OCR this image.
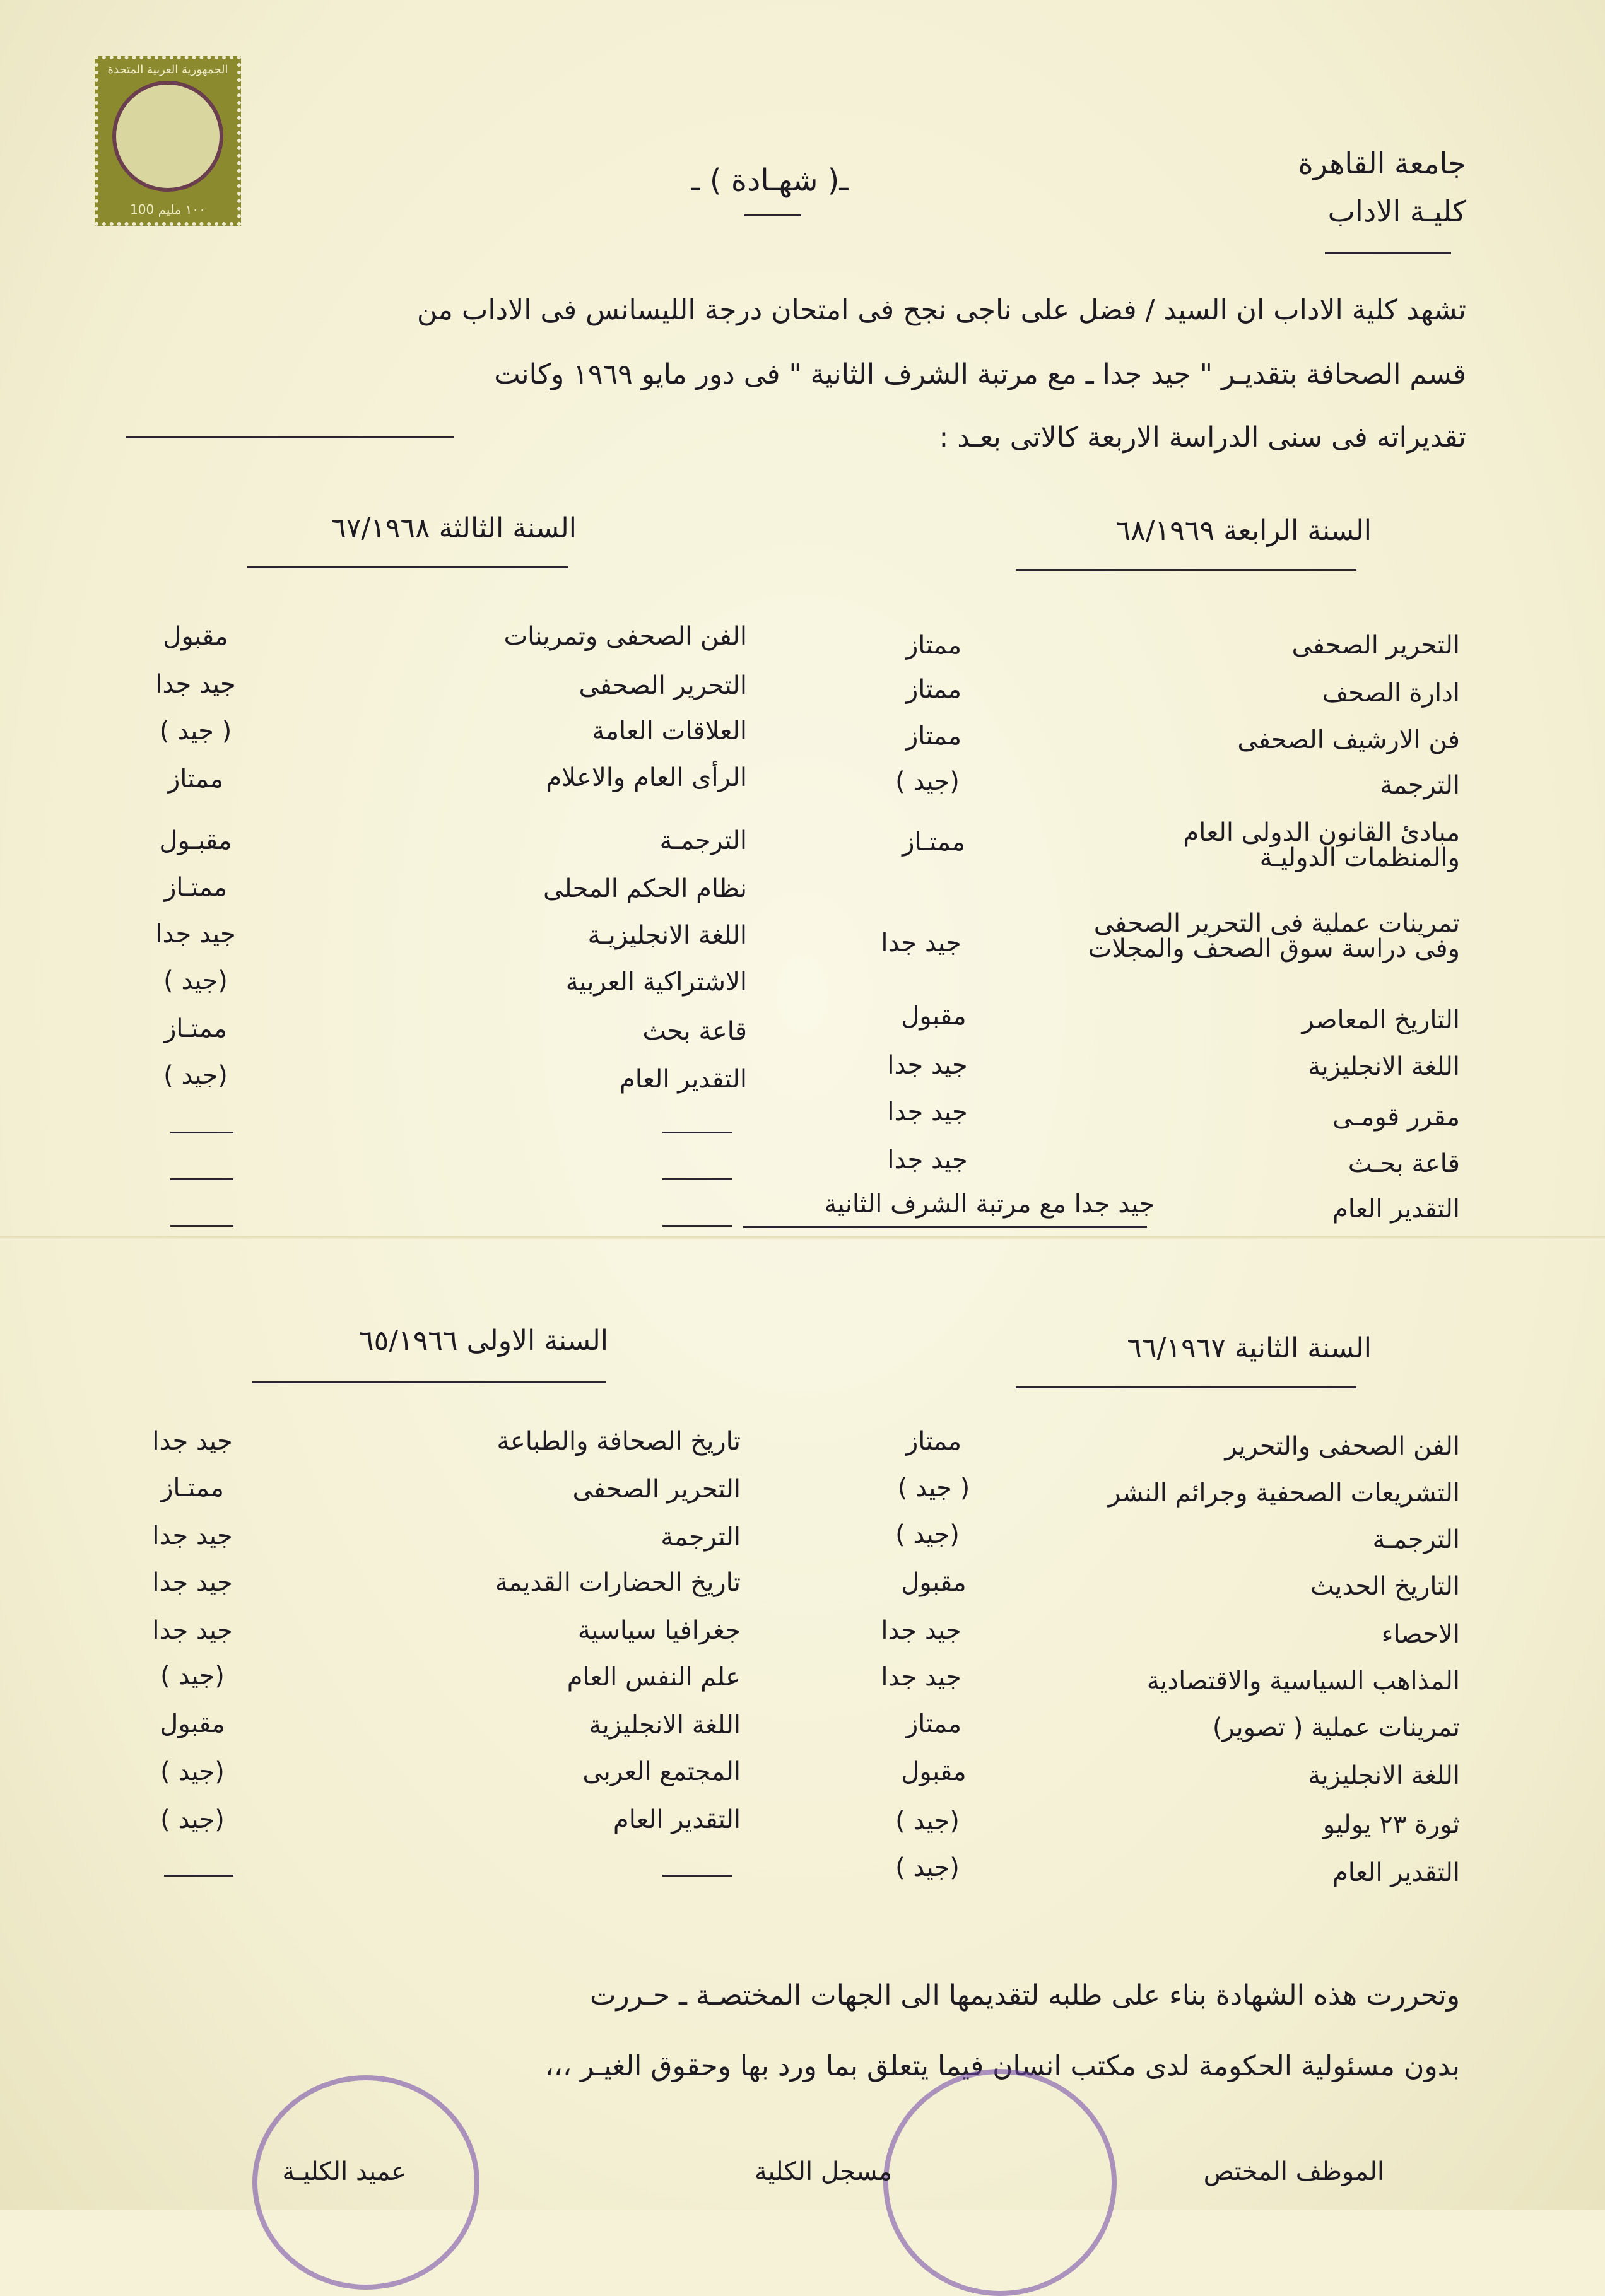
الجمهورية العربية المتحدة
١٠٠ مليم 100
جامعة القاهرة
كليـة الاداب
ـ( شهـادة ) ـ
تشهد كلية الاداب ان السيد / فضل على ناجى نجح فى امتحان درجة الليسانس فى الاداب من
قسم الصحافة بتقديـر " جيد جدا ـ مع مرتبة الشرف الثانية " فى دور مايو ١٩٦٩ وكانت
تقديراته فى سنى الدراسة الاربعة كالاتى بعـد :
السنة الرابعة ٦٨/١٩٦٩
التحرير الصحفى
ممتاز
ادارة الصحف
ممتاز
فن الارشيف الصحفى
ممتاز
الترجمة
(جيد )
مبادئ القانون الدولى العام
والمنظمات الدوليـة
ممتـاز
تمرينات عملية فى التحرير الصحفى
وفى دراسة سوق الصحف والمجلات
جيد جدا
التاريخ المعاصر
مقبول
اللغة الانجليزية
جيد جدا
مقرر قومـى
جيد جدا
قاعة بحـث
جيد جدا
التقدير العام
جيد جدا مع مرتبة الشرف الثانية
السنة الثالثة ٦٧/١٩٦٨
الفن الصحفى وتمرينات
مقبول
التحرير الصحفى
جيد جدا
العلاقات العامة
( جيد )
الرأى العام والاعلام
ممتاز
الترجمـة
مقبـول
نظام الحكم المحلى
ممتـاز
اللغة الانجليزيـة
جيد جدا
الاشتراكية العربية
(جيد )
قاعة بحث
ممتـاز
التقدير العام
(جيد )
السنة الثانية ٦٦/١٩٦٧
الفن الصحفى والتحرير
ممتاز
التشريعات الصحفية وجرائم النشر
( جيد )
الترجمـة
(جيد )
التاريخ الحديث
مقبول
الاحصاء
جيد جدا
المذاهب السياسية والاقتصادية
جيد جدا
تمرينات عملية ( تصوير)
ممتاز
اللغة الانجليزية
مقبول
ثورة ٢٣ يوليو
(جيد )
التقدير العام
(جيد )
السنة الاولى ٦٥/١٩٦٦
تاريخ الصحافة والطباعة
جيد جدا
التحرير الصحفى
ممتـاز
الترجمة
جيد جدا
تاريخ الحضارات القديمة
جيد جدا
جغرافيا سياسية
جيد جدا
علم النفس العام
(جيد )
اللغة الانجليزية
مقبول
المجتمع العربى
(جيد )
التقدير العام
(جيد )
وتحررت هذه الشهادة بناء على طلبه لتقديمها الى الجهات المختصـة ـ حـررت
بدون مسئولية الحكومة لدى مكتب انسان فيما يتعلق بما ورد بها وحقوق الغيـر ،،،
الموظف المختص
مسجل الكلية
عميد الكليـة
